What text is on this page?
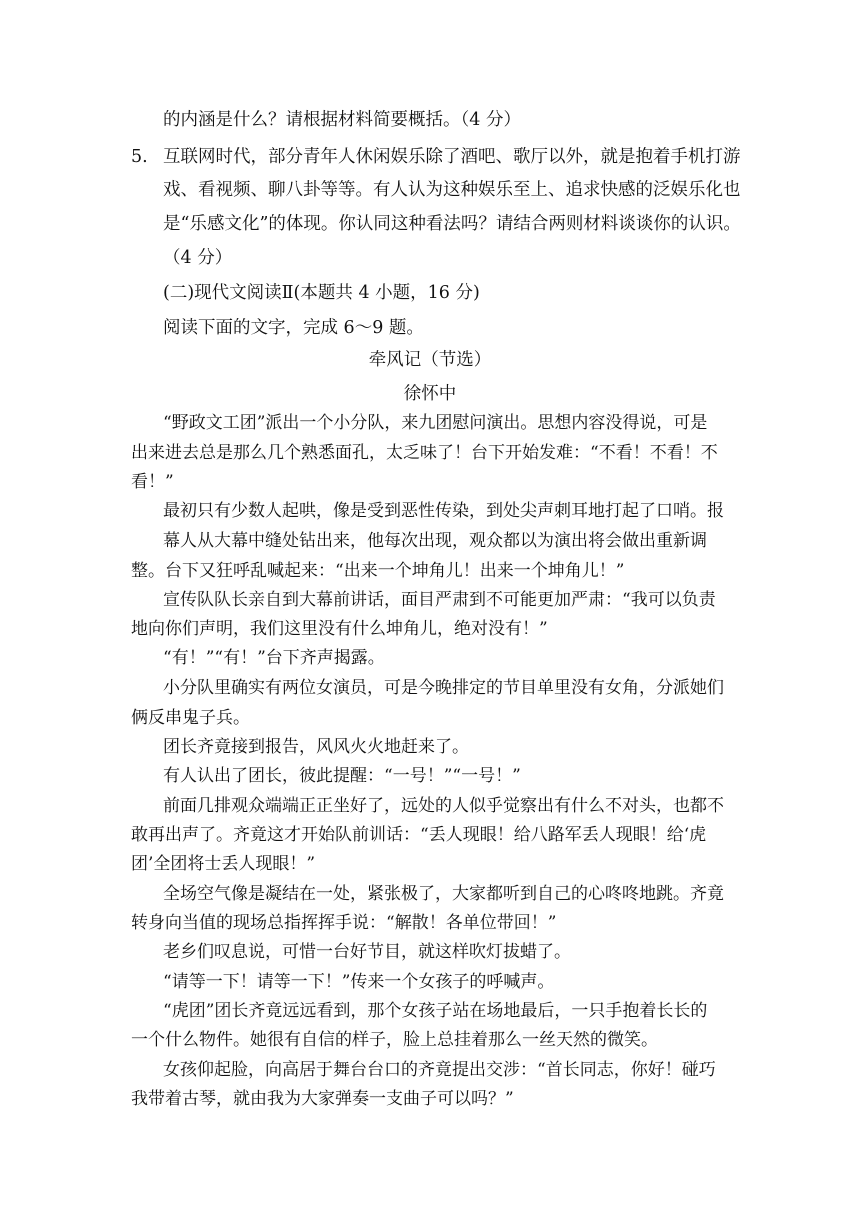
的内涵是什么？请根据材料简要概括。（4 分）

5. 互联网时代，部分青年人休闲娱乐除了酒吧、歌厅以外，就是抱着手机打游

戏、看视频、聊八卦等等。有人认为这种娱乐至上、追求快感的泛娱乐化也

是“乐感文化”的体现。你认同这种看法吗？请结合两则材料谈谈你的认识。

（4 分）

(二)现代文阅读Ⅱ(本题共 4 小题，16 分)

阅读下面的文字，完成 6～9 题。

牵风记（节选）

徐怀中

“野政文工团”派出一个小分队，来九团慰问演出。思想内容没得说，可是

出来进去总是那么几个熟悉面孔，太乏味了！台下开始发难：“不看！不看！不

看！”

最初只有少数人起哄，像是受到恶性传染，到处尖声刺耳地打起了口哨。报

幕人从大幕中缝处钻出来，他每次出现，观众都以为演出将会做出重新调

整。台下又狂呼乱喊起来：“出来一个坤角儿！出来一个坤角儿！”

宣传队队长亲自到大幕前讲话，面目严肃到不可能更加严肃：“我可以负责

地向你们声明，我们这里没有什么坤角儿，绝对没有！”

“有！”“有！”台下齐声揭露。

小分队里确实有两位女演员，可是今晚排定的节目单里没有女角，分派她们

俩反串鬼子兵。

团长齐竟接到报告，风风火火地赶来了。

有人认出了团长，彼此提醒：“一号！”“一号！”

前面几排观众端端正正坐好了，远处的人似乎觉察出有什么不对头，也都不

敢再出声了。齐竟这才开始队前训话：“丢人现眼！给八路军丢人现眼！给‘虎

团’全团将士丢人现眼！”

全场空气像是凝结在一处，紧张极了，大家都听到自己的心咚咚地跳。齐竟

转身向当值的现场总指挥挥手说：“解散！各单位带回！”

老乡们叹息说，可惜一台好节目，就这样吹灯拔蜡了。

“请等一下！请等一下！”传来一个女孩子的呼喊声。

“虎团”团长齐竟远远看到，那个女孩子站在场地最后，一只手抱着长长的

一个什么物件。她很有自信的样子，脸上总挂着那么一丝天然的微笑。

女孩仰起脸，向高居于舞台台口的齐竟提出交涉：“首长同志，你好！碰巧

我带着古琴，就由我为大家弹奏一支曲子可以吗？”
